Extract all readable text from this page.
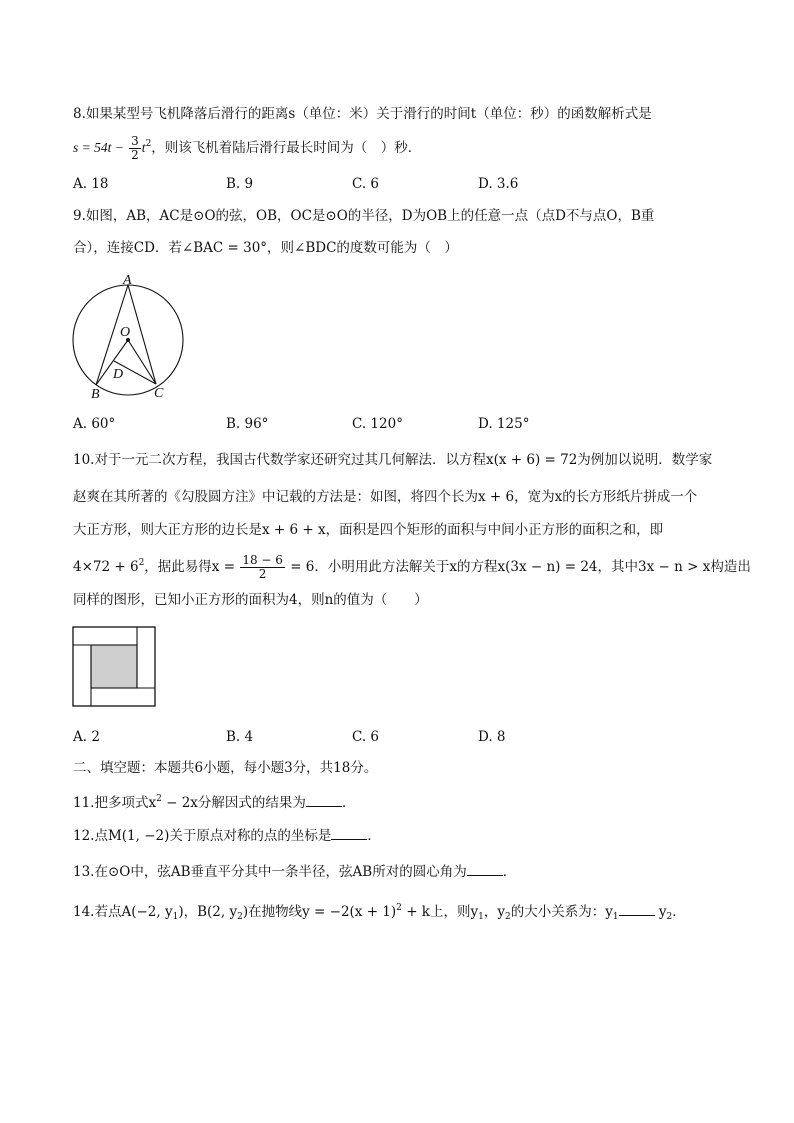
8.如果某型号飞机降落后滑行的距离s（单位：米）关于滑行的时间t（单位：秒）的函数解析式是
$s = 54t - \frac{3}{2} t^2$，则该飞机着陆后滑行最长时间为（　）秒．
A. 18	B. 9	C. 6	D. 3.6
9.如图，AB，AC是⊙O的弦，OB，OC是⊙O的半径，D为OB上的任意一点（点D不与点O，B重
合），连接CD．若∠BAC = 30°，则∠BDC的度数可能为（　）
A
O
D
B	C
A. 60°	B. 96°	C. 120°	D. 125°
10.对于一元二次方程，我国古代数学家还研究过其几何解法．以方程x(x + 6) = 72为例加以说明．数学家
赵爽在其所著的《勾股圆方注》中记载的方法是：如图，将四个长为x + 6，宽为x的长方形纸片拼成一个
大正方形，则大正方形的边长是x + 6 + x，面积是四个矩形的面积与中间小正方形的面积之和，即
$4\times 72 + 6^2$，据此易得$x = \frac{18 - 6}{2} = 6$．小明用此方法解关于x的方程x(3x − n) = 24，其中3x − n > x构造出
同样的图形，已知小正方形的面积为4，则n的值为（　　）
A. 2	B. 4	C. 6	D. 8
二、填空题：本题共6小题，每小题3分，共18分。
11.把多项式$x^2 - 2x$分解因式的结果为	．
12.点M(1, −2)关于原点对称的点的坐标是	．
13.在⊙O中，弦AB垂直平分其中一条半径，弦AB所对的圆心角为	．
14.若点A(−2, $y_1$)，B(2, $y_2$)在抛物线$y = -2(x + 1)^2 + k$上，则$y_1$，$y_2$的大小关系为：$y_1$	$y_2$．
